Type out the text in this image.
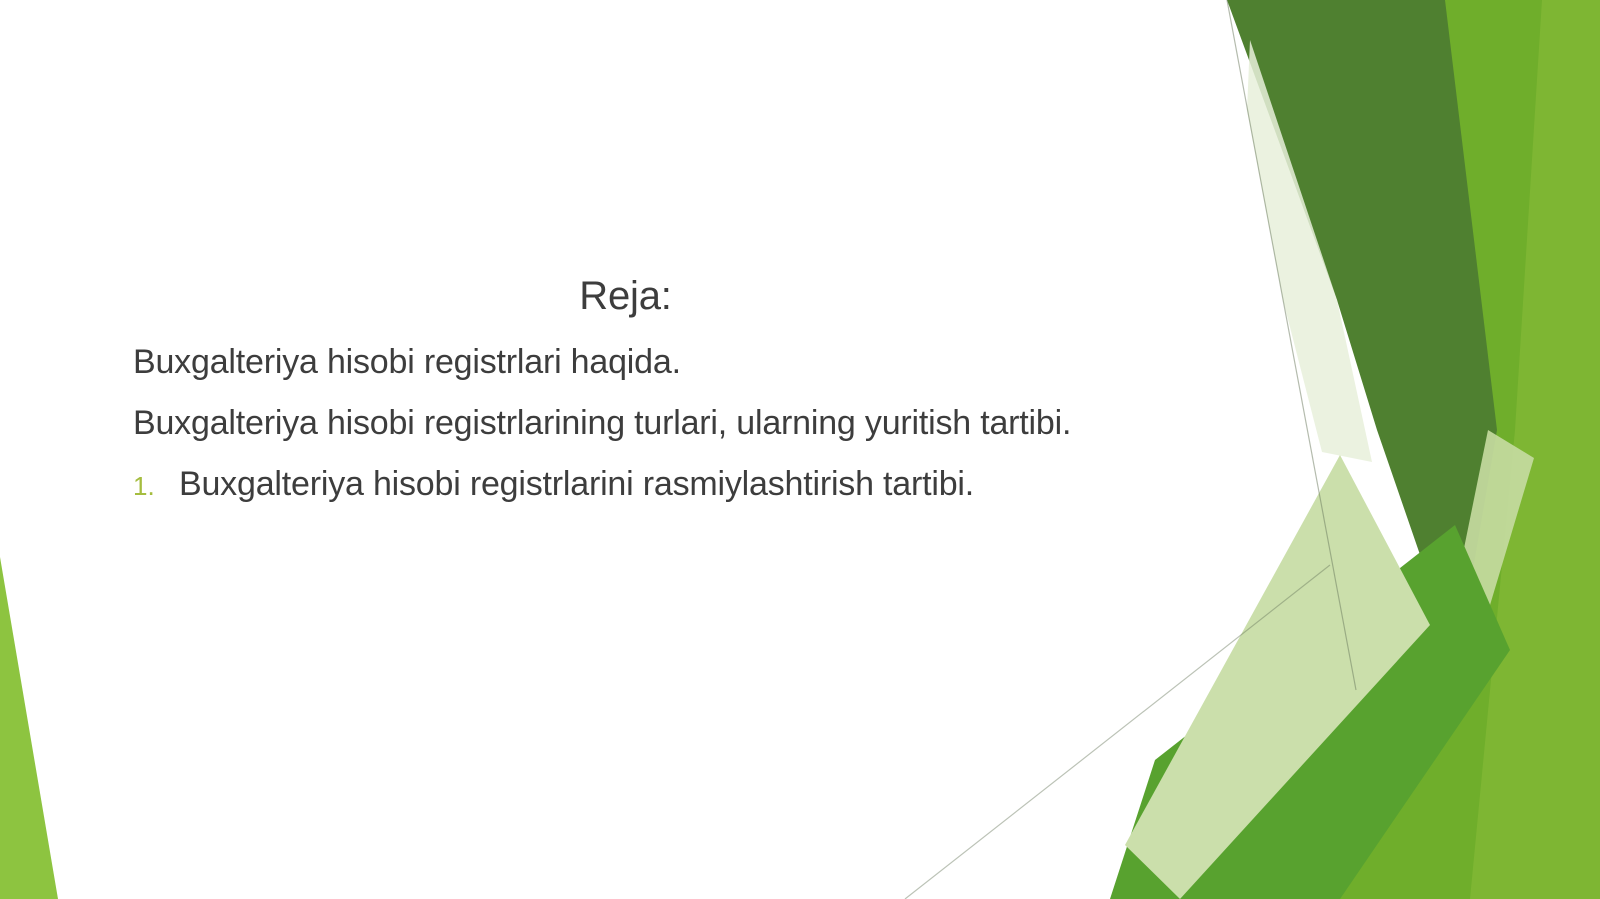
Reja:

Buxgalteriya hisobi registrlari haqida.

Buxgalteriya hisobi registrlarining turlari, ularning yuritish tartibi.

1. Buxgalteriya hisobi registrlarini rasmiylashtirish tartibi.
